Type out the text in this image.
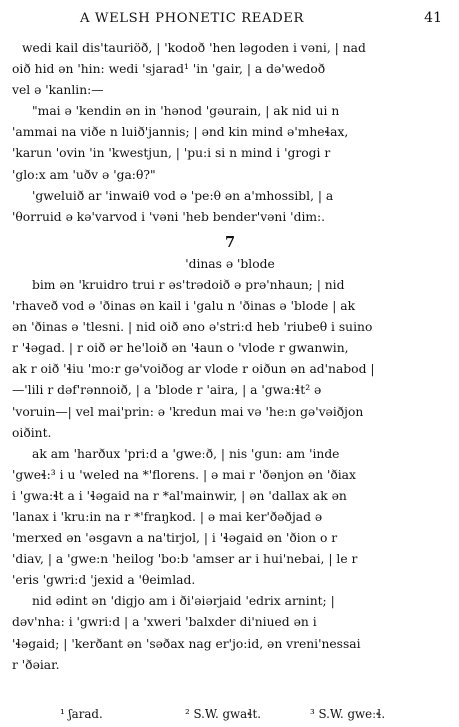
A WELSH PHONETIC READER	41
wedi kail dis'tauriöð, | 'kodoð 'hen ləgoden i vəni, | nad
oið hid ən 'hin: wedi 'sjarad¹ 'in 'gair, | a də'wedoð
vel ə 'kanlin:—
"mai ə 'kendin ən in 'hənod 'gəurain, | ak nid ui n
'ammai na viðe n luið'jannis; | ənd kin mind ə'mheɬax,
'karun 'ovin 'in 'kwestjun, | 'pu:i si n mind i 'grogi r
'glo:x am 'uðv ə 'ga:θ?"
'gweluið ar 'inwaiθ vod ə 'pe:θ ən a'mhossibl, | a
'θorruid ə kə'varvod i 'vəni 'heb bender'vəni 'dim:.
7
'dinas ə 'blode
bim ən 'kruidro trui r əs'trədoið ə prə'nhaun; | nid
'rhaveð vod ə 'ðinas ən kail i 'galu n 'ðinas ə 'blode | ak
ən 'ðinas ə 'tlesni. | nid oið əno ə'stri:d heb 'riubeθ i suino
r 'ɬəgad. | r oið ər he'loið ən 'ɬaun o 'vlode r gwanwin,
ak r oið 'ɬiu 'mo:r gə'voiðog ar vlode r oiðun ən ad'nabod |
—'lili r dəf'rənnoið, | a 'blode r 'aira, | a 'gwa:ɬt² ə
'voruin—| vel mai'prin: ə 'kredun mai və 'he:n gə'vəiðjon
oiðint.
ak am 'harðux 'pri:d a 'gweːð, | nis 'gun: am 'inde
'gweɬ:³ i u 'weled na *'florens. | ə mai r 'ðənjon ən 'ðiax
i 'gwa:ɬt a i 'ɬəgaid na r *al'mainwir, | ən 'dallax ak ən
'lanax i 'kru:in na r *'fraŋkod. | ə mai ker'ðəðjad ə
'merxed ən 'əsgavn a na'tirjol, | i 'ɬəgaid ən 'ðion o r
'diav, | a 'gwe:n 'heilog 'bo:b 'amser ar i hui'nebai, | le r
'eris 'gwri:d 'jexid a 'θeimlad.
nid ədint ən 'digjo am i ði'əiərjaid 'edrix arnint; |
dəv'nha: i 'gwri:d | a 'xweri 'balxder di'niued ən i
'ɬəgaid; | 'kerðant ən 'səðax nag er'jo:id, ən vreni'nessai
r 'ðəiar.
¹ ʃarad.	² S.W. gwaɬt.	³ S.W. gweːɬ.
